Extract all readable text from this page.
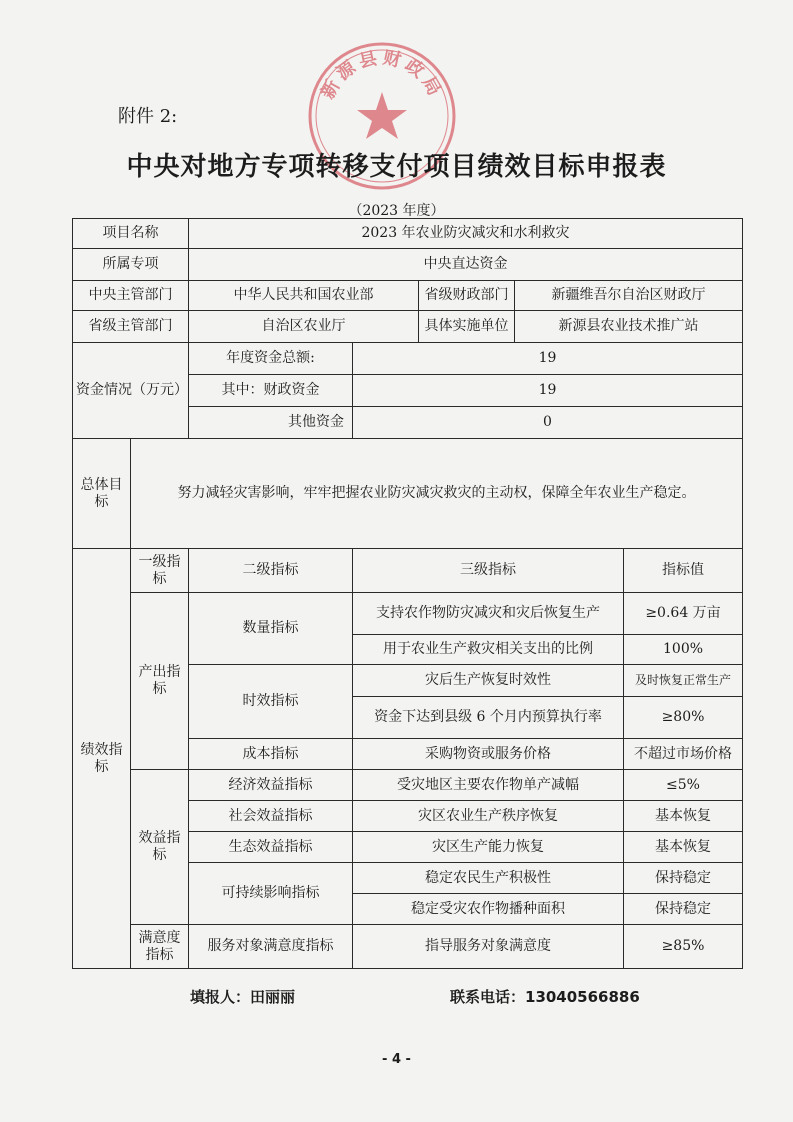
附件 2:
新源县财政局
中央对地方专项转移支付项目绩效目标申报表
（2023 年度）
项目名称		2023 年农业防灾减灾和水利救灾				
所属专项		中央直达资金				
中央主管部门		中华人民共和国农业部		省级财政部门	新疆维吾尔自治区财政厅	
省级主管部门		自治区农业厅		具体实施单位	新源县农业技术推广站	
资金情况（万元）		年度资金总额:	19			
		其中：财政资金	19			
		其他资金	0			
总体目标	努力减轻灾害影响，牢牢把握农业防灾减灾救灾的主动权，保障全年农业生产稳定。					
绩效指标	一级指标	二级指标	三级指标			指标值
	产出指标	数量指标	支持农作物防灾减灾和灾后恢复生产			≥0.64 万亩
			用于农业生产救灾相关支出的比例			100%
		时效指标	灾后生产恢复时效性			及时恢复正常生产
			资金下达到县级 6 个月内预算执行率			≥80%
		成本指标	采购物资或服务价格			不超过市场价格
	效益指标	经济效益指标	受灾地区主要农作物单产减幅			≤5%
		社会效益指标	灾区农业生产秩序恢复			基本恢复
		生态效益指标	灾区生产能力恢复			基本恢复
		可持续影响指标	稳定农民生产积极性			保持稳定
			稳定受灾农作物播种面积			保持稳定
	满意度指标	服务对象满意度指标	指导服务对象满意度			≥85%
填报人：田丽丽	联系电话：13040566886
- 4 -
